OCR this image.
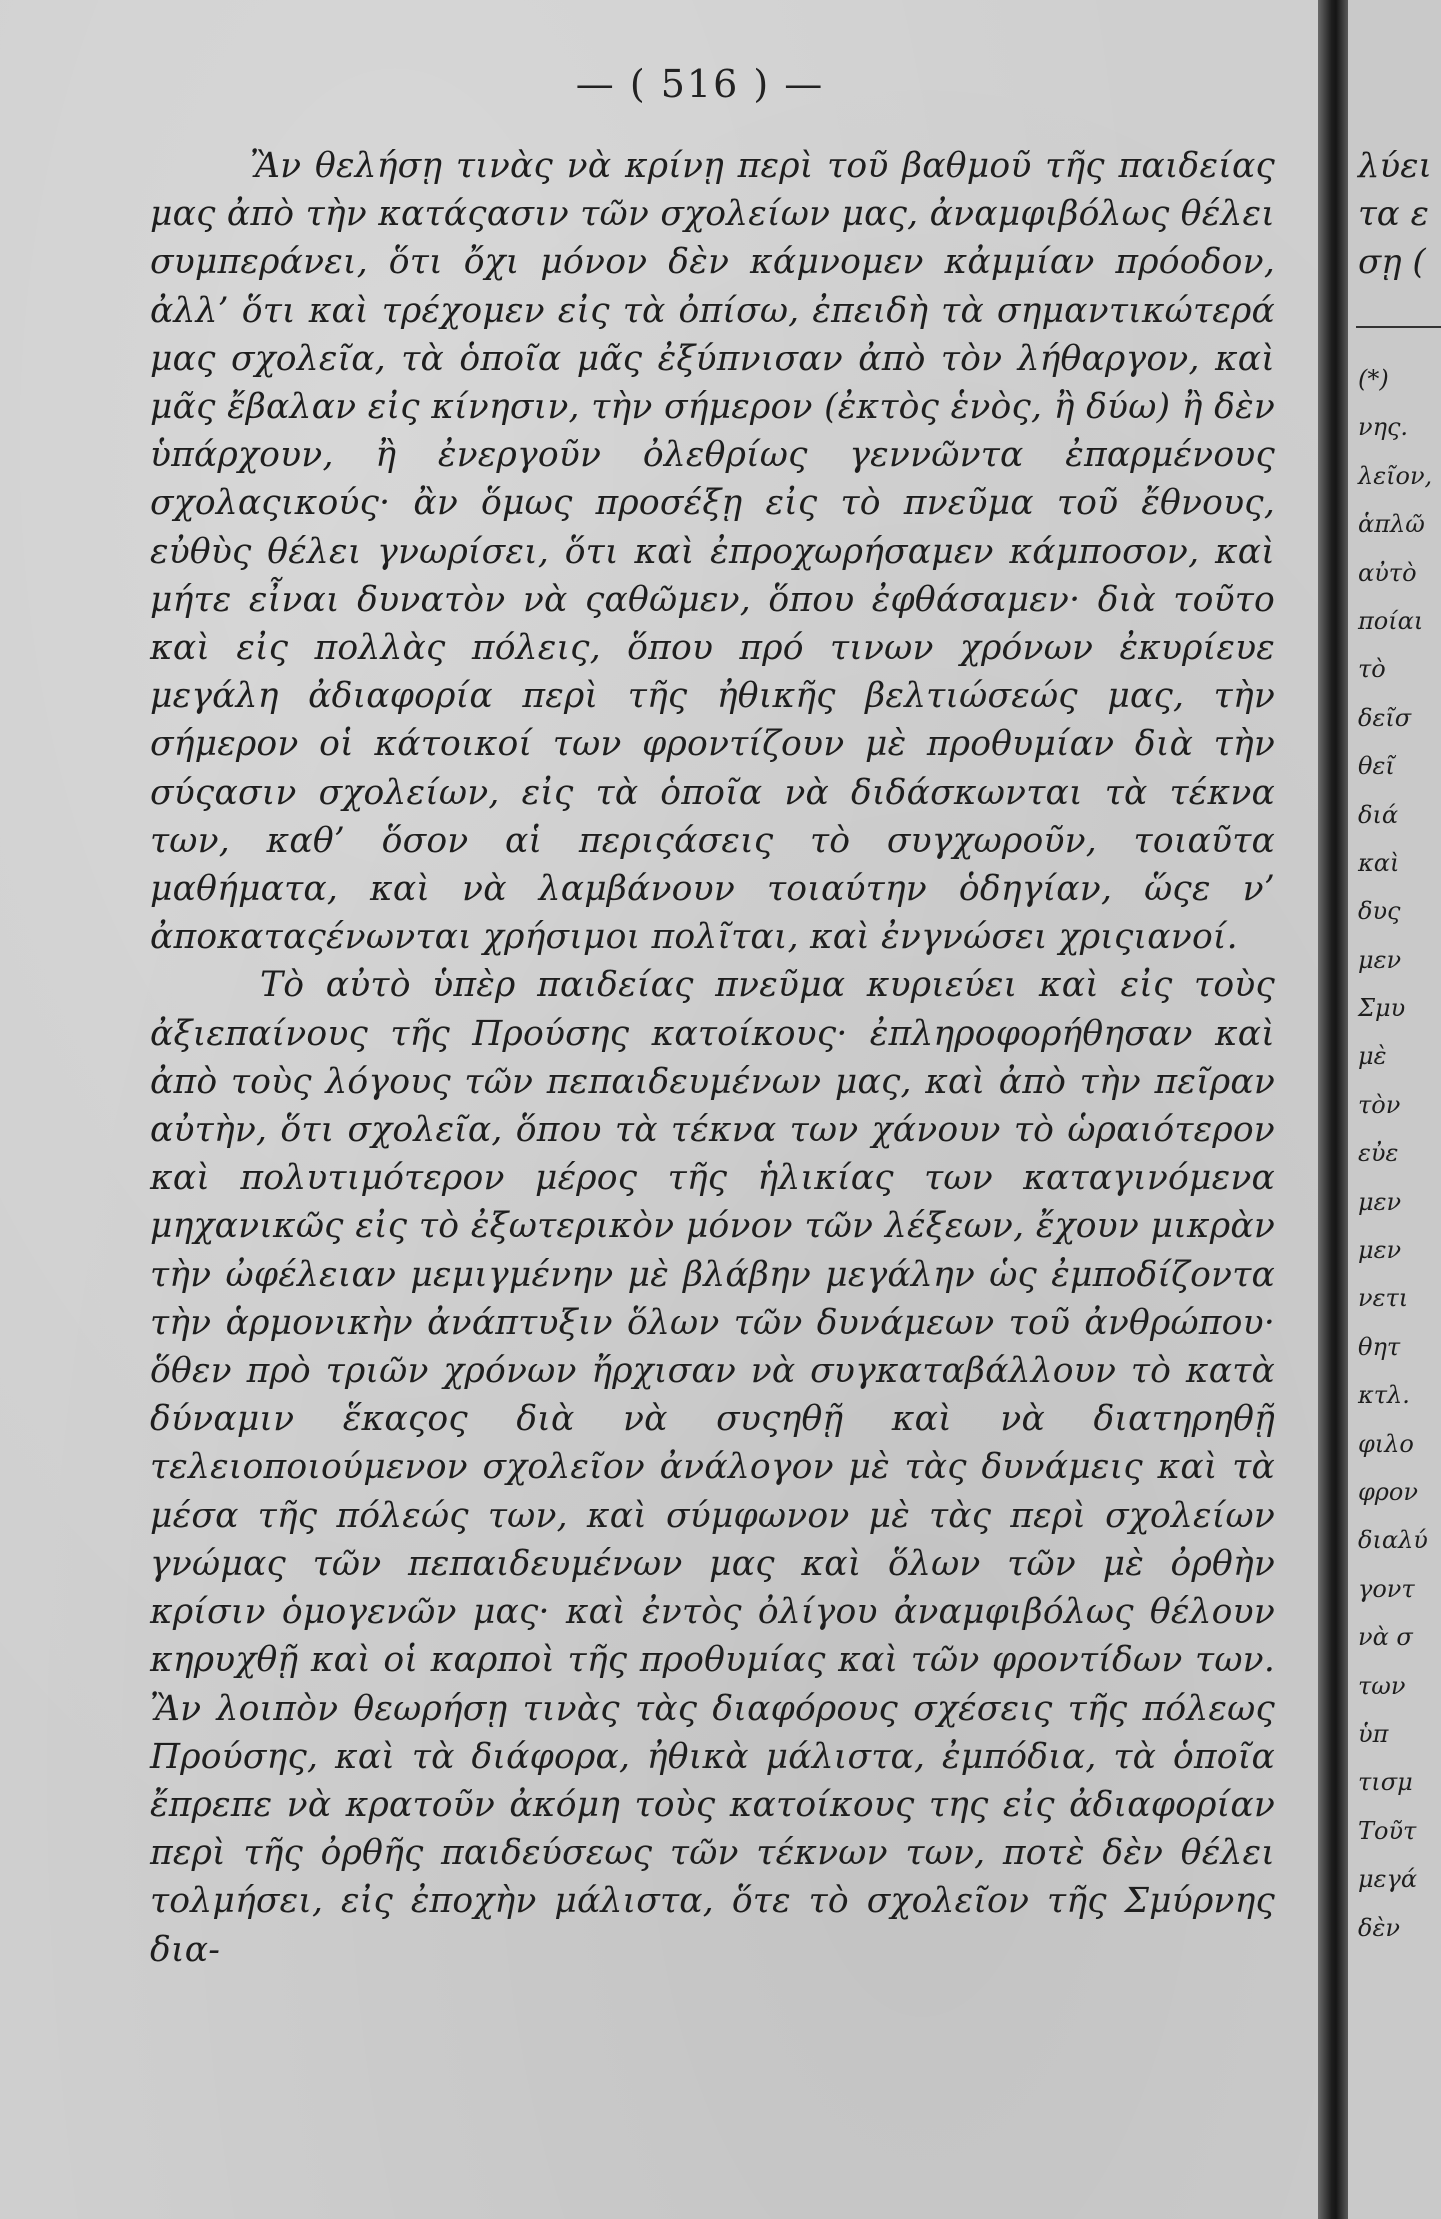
— ( 516 ) —

Ἂν θελήσῃ τινὰς νὰ κρίνῃ περὶ τοῦ βαθμοῦ τῆς παιδείας μας ἀπὸ τὴν κατάςασιν τῶν σχολείων μας, ἀναμφιβόλως θέλει συμπεράνει, ὅτι ὄχι μόνον δὲν κάμνομεν κἀμμίαν πρόοδον, ἀλλ’ ὅτι καὶ τρέχομεν εἰς τὰ ὀπίσω, ἐπειδὴ τὰ σημαντικώτερά μας σχολεῖα, τὰ ὁποῖα μᾶς ἐξύπνισαν ἀπὸ τὸν λήθαργον, καὶ μᾶς ἔβαλαν εἰς κίνησιν, τὴν σήμερον (ἐκτὸς ἑνὸς, ἢ δύω) ἢ δὲν ὑπάρχουν, ἢ ἐνεργοῦν ὀλεθρίως γεννῶντα ἐπαρμένους σχολαςικούς· ἂν ὅμως προσέξῃ εἰς τὸ πνεῦμα τοῦ ἔθνους, εὐθὺς θέλει γνωρίσει, ὅτι καὶ ἐπροχωρήσαμεν κάμποσον, καὶ μήτε εἶναι δυνατὸν νὰ ςαθῶμεν, ὅπου ἐφθάσαμεν· διὰ τοῦτο καὶ εἰς πολλὰς πόλεις, ὅπου πρό τινων χρόνων ἐκυρίευε μεγάλη ἀδιαφορία περὶ τῆς ἠθικῆς βελτιώσεώς μας, τὴν σήμερον οἱ κάτοικοί των φροντίζουν μὲ προθυμίαν διὰ τὴν σύςασιν σχολείων, εἰς τὰ ὁποῖα νὰ διδάσκωνται τὰ τέκνα των, καθ’ ὅσον αἱ περιςάσεις τὸ συγχωροῦν, τοιαῦτα μαθήματα, καὶ νὰ λαμβάνουν τοιαύτην ὁδηγίαν, ὥςε ν’ ἀποκαταςένωνται χρήσιμοι πολῖται, καὶ ἐνγνώσει χριςιανοί.

Τὸ αὐτὸ ὑπὲρ παιδείας πνεῦμα κυριεύει καὶ εἰς τοὺς ἀξιεπαίνους τῆς Προύσης κατοίκους· ἐπληροφορήθησαν καὶ ἀπὸ τοὺς λόγους τῶν πεπαιδευμένων μας, καὶ ἀπὸ τὴν πεῖραν αὐτὴν, ὅτι σχολεῖα, ὅπου τὰ τέκνα των χάνουν τὸ ὡραιότερον καὶ πολυτιμότερον μέρος τῆς ἡλικίας των καταγινόμενα μηχανικῶς εἰς τὸ ἐξωτερικὸν μόνον τῶν λέξεων, ἔχουν μικρὰν τὴν ὠφέλειαν μεμιγμένην μὲ βλάβην μεγάλην ὡς ἐμποδίζοντα τὴν ἁρμονικὴν ἀνάπτυξιν ὅλων τῶν δυνάμεων τοῦ ἀνθρώπου· ὅθεν πρὸ τριῶν χρόνων ἤρχισαν νὰ συγκαταβάλλουν τὸ κατὰ δύναμιν ἕκαςος διὰ νὰ συςηθῇ καὶ νὰ διατηρηθῇ τελειοποιούμενον σχολεῖον ἀνάλογον μὲ τὰς δυνάμεις καὶ τὰ μέσα τῆς πόλεώς των, καὶ σύμφωνον μὲ τὰς περὶ σχολείων γνώμας τῶν πεπαιδευμένων μας καὶ ὅλων τῶν μὲ ὀρθὴν κρίσιν ὁμογενῶν μας· καὶ ἐντὸς ὀλίγου ἀναμφιβόλως θέλουν κηρυχθῇ καὶ οἱ καρποὶ τῆς προθυμίας καὶ τῶν φροντίδων των. Ἂν λοιπὸν θεωρήσῃ τινὰς τὰς διαφόρους σχέσεις τῆς πόλεως Προύσης, καὶ τὰ διάφορα, ἠθικὰ μάλιστα, ἐμπόδια, τὰ ὁποῖα ἔπρεπε νὰ κρατοῦν ἀκόμη τοὺς κατοίκους της εἰς ἀδιαφορίαν περὶ τῆς ὀρθῆς παιδεύσεως τῶν τέκνων των, ποτὲ δὲν θέλει τολμήσει, εἰς ἐποχὴν μάλιστα, ὅτε τὸ σχολεῖον τῆς Σμύρνης δια-

λύει
τα ε
σῃ (
(*)
νης.
λεῖον,
ἁπλῶ
αὐτὸ
ποίαι
τὸ
δεῖσ
θεῖ
διά
καὶ
δυς
μεν
Σμυ
μὲ
τὸν
εὐε
μεν
μεν
νετι
θητ
κτλ.
φιλο
φρον
διαλύ
γοντ
νὰ σ
των
ὑπ
τισμ
Τοῦτ
μεγά
δὲν
